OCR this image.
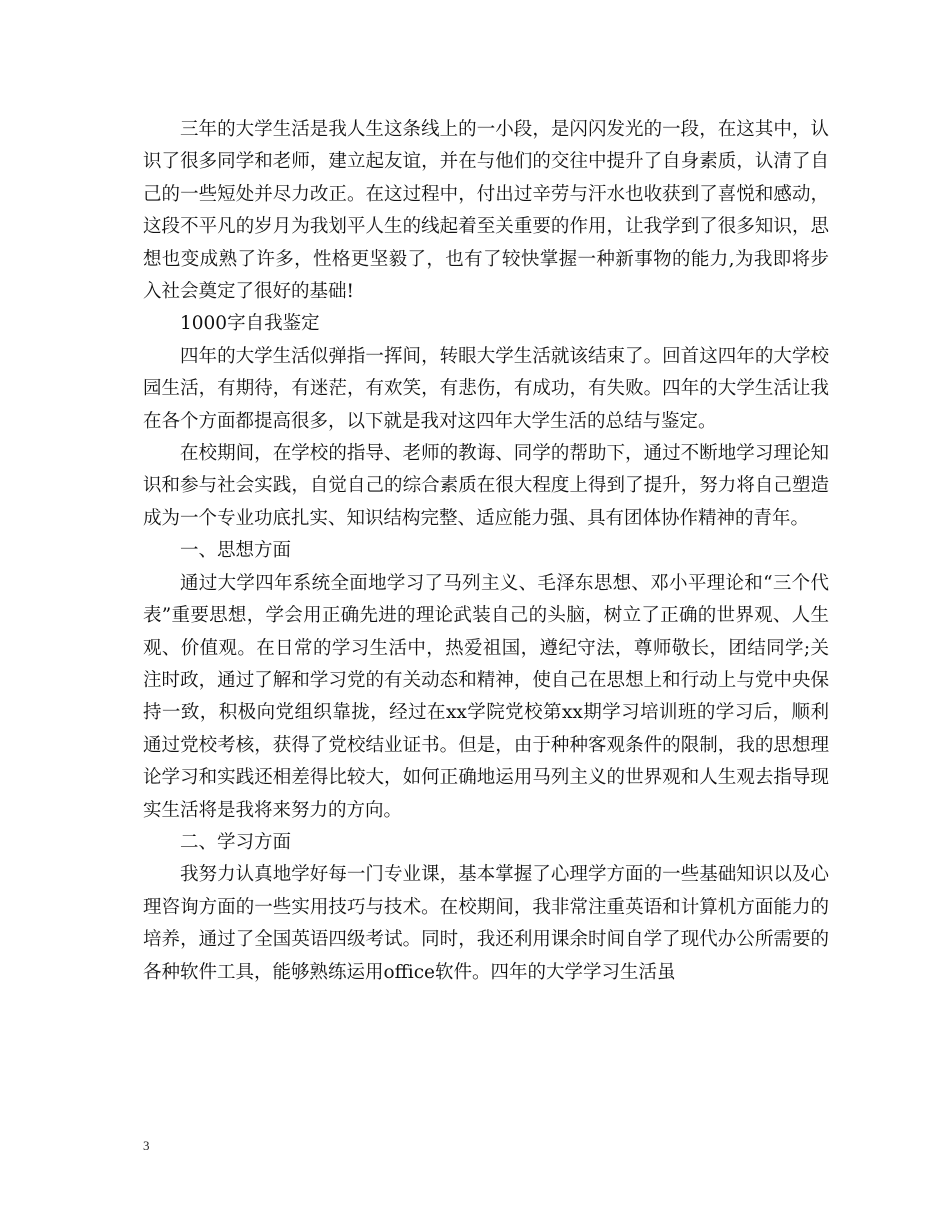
三年的大学生活是我人生这条线上的一小段，是闪闪发光的一段，在这其中，认识了很多同学和老师，建立起友谊，并在与他们的交往中提升了自身素质，认清了自己的一些短处并尽力改正。在这过程中，付出过辛劳与汗水也收获到了喜悦和感动，这段不平凡的岁月为我划平人生的线起着至关重要的作用，让我学到了很多知识，思想也变成熟了许多，性格更坚毅了，也有了较快掌握一种新事物的能力,为我即将步入社会奠定了很好的基础!

1000字自我鉴定

四年的大学生活似弹指一挥间，转眼大学生活就该结束了。回首这四年的大学校园生活，有期待，有迷茫，有欢笑，有悲伤，有成功，有失败。四年的大学生活让我在各个方面都提高很多，以下就是我对这四年大学生活的总结与鉴定。

在校期间，在学校的指导、老师的教诲、同学的帮助下，通过不断地学习理论知识和参与社会实践，自觉自己的综合素质在很大程度上得到了提升，努力将自己塑造成为一个专业功底扎实、知识结构完整、适应能力强、具有团体协作精神的青年。

一、思想方面

通过大学四年系统全面地学习了马列主义、毛泽东思想、邓小平理论和“三个代表”重要思想，学会用正确先进的理论武装自己的头脑，树立了正确的世界观、人生观、价值观。在日常的学习生活中，热爱祖国，遵纪守法，尊师敬长，团结同学;关注时政，通过了解和学习党的有关动态和精神，使自己在思想上和行动上与党中央保持一致，积极向党组织靠拢，经过在xx学院党校第xx期学习培训班的学习后，顺利通过党校考核，获得了党校结业证书。但是，由于种种客观条件的限制，我的思想理论学习和实践还相差得比较大，如何正确地运用马列主义的世界观和人生观去指导现实生活将是我将来努力的方向。

二、学习方面

我努力认真地学好每一门专业课，基本掌握了心理学方面的一些基础知识以及心理咨询方面的一些实用技巧与技术。在校期间，我非常注重英语和计算机方面能力的培养，通过了全国英语四级考试。同时，我还利用课余时间自学了现代办公所需要的各种软件工具，能够熟练运用office软件。四年的大学学习生活虽

3
